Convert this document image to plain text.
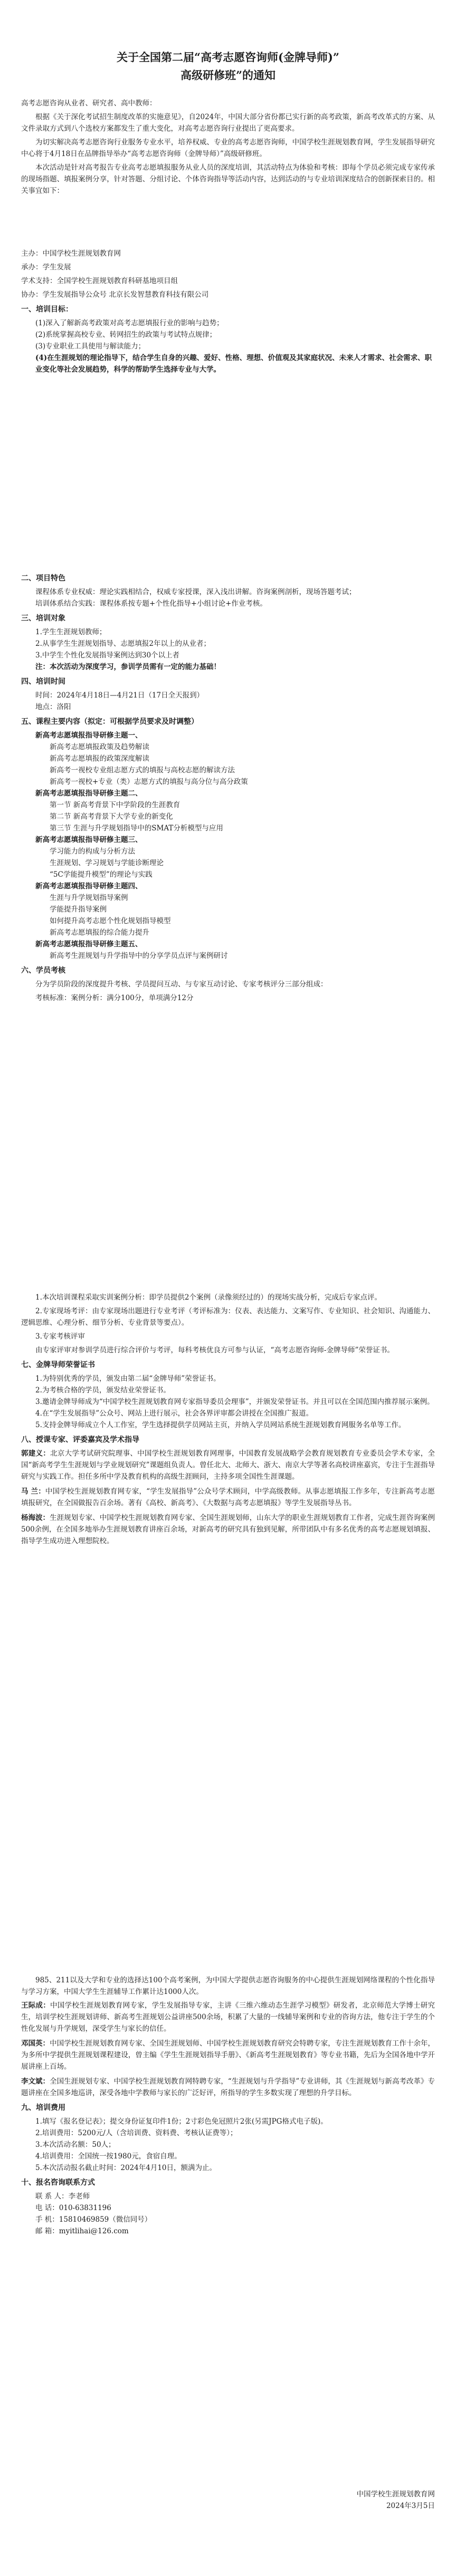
关于全国第二届“高考志愿咨询师(金牌导师)”

高级研修班”的通知

高考志愿咨询从业者、研究者、高中教师：

根据《关于深化考试招生制度改革的实施意见》，自2024年，中国大部分省份都已实行新的高考政策，新高考改革式的方案、从文件录取方式到八个选校方案都发生了重大变化，对高考志愿咨询行业提出了更高要求。

为切实解决高考志愿咨询行业服务专业水平，培养权威、专业的高考志愿咨询师，中国学校生涯规划教育网，学生发展指导研究中心将于4月18日在品牌指导举办“高考志愿咨询师（金牌导师）”高级研修班。

本次活动是针对高考报告专业高考志愿填报服务从业人员的深度培训，其活动特点为体验和考核：即每个学员必须完成专家传承的现场指题、填报案例分享，针对答题、分组讨论、个体咨询指导等活动内容，达到活动的与专业培训深度结合的创新探索目的。相关事宜如下：

主办：中国学校生涯规划教育网

承办：学生发展

学术支持：全国学校生涯规划教育科研基地项目组

协办：学生发展指导公众号 北京长发智慧教育科技有限公司

一、培训目标：

(1)深入了解新高考政策对高考志愿填报行业的影响与趋势；

(2)系统掌握高校专业、转网招生的政策与考试特点规律；

(3)专业职业工具使用与解读能力；

(4)在生涯规划的理论指导下，结合学生自身的兴趣、爱好、性格、理想、价值观及其家庭状况、未来人才需求、社会需求、职业变化等社会发展趋势，科学的帮助学生选择专业与大学。

二、项目特色

课程体系专业权威：理论实践相结合，权威专家授课，深入浅出讲解。咨询案例剖析，现场答题考试；

培训体系结合实践：课程体系按专题+个性化指导+小组讨论+作业考核。

三、培训对象

1.学生生涯规划教师；

2.从事学生生涯规划指导、志愿填报2年以上的从业者；

3.中学生个性化发展指导案例达到30个以上者

注：本次活动为深度学习，参训学员需有一定的能力基础！

四、培训时间

时间：2024年4月18日—4月21日（17日全天报到）

地点：洛阳

五、课程主要内容（拟定：可根据学员要求及时调整）

新高考志愿填报指导研修主题一、

新高考志愿填报政策及趋势解读

新高考志愿填报的政策深度解读

新高考一视校专业组志愿方式的填报与高校志愿的解读方法

新高考一视校+专业（类）志愿方式的填报与高分位与高分政策

新高考志愿填报指导研修主题二、

第一节 新高考背景下中学阶段的生涯教育

第二节 新高考背景下大学专业的新变化

第三节 生涯与升学规划指导中的SMAT分析模型与应用

新高考志愿填报指导研修主题三、

学习能力的构成与分析方法

生涯规划、学习规划与学能诊断理论

“5C学能提升模型”的理论与实践

新高考志愿填报指导研修主题四、

生涯与升学规划指导案例

学能提升指导案例

如何提升高考志愿个性化规划指导模型

新高考志愿填报的综合能力提升

新高考志愿填报指导研修主题五、

新高考生涯规划与升学指导中的分享学员点评与案例研讨

六、学员考核

分为学员阶段的深度提升考核、学员提问互动、与专家互动讨论、专家考核评分三部分组成：

考核标准：案例分析：满分100分，单项满分12分

1.本次培训课程采取实训案例分析：即学员提供2个案例（录像须经过的）的现场实战分析，完成后专家点评。

2.专家现场考评：由专家现场出题进行专业考评（考评标准为：仪表、表达能力、文案写作、专业知识、社会知识、沟通能力、逻辑思维、心理分析、细节分析、专业背景等要点）。

3.专家考核评审

由专家评审对参训学员进行综合评价与考评，每科考核优良方可参与认证，“高考志愿咨询师-金牌导师”荣誉证书。

七、金牌导师荣誉证书

1.为特别优秀的学员，颁发由第二届“金牌导师”荣誉证书。

2.为考核合格的学员，颁发结业荣誉证书。

3.邀请金牌导师成为“中国学校生涯规划教育网专家指导委员会理事”，并颁发荣誉证书。并且可以在全国范围内推荐展示案例。

4.在“学生发展指导”公众号、网站上进行展示，社会各界评审都会讲授在全国推广报道。

5.支持金牌导师成立个人工作室，学生选择提供学员网站主页，并纳入学员网站系统生涯规划教育网服务名单等工作。

八、授课专家、评委嘉宾及学术指导

郭建义：北京大学考试研究院理事、中国学校生涯规划教育网理事，中国教育发展战略学会教育规划教育专业委员会学术专家，全国“新高考学生生涯规划与学业规划研究”课题组负责人。曾任北大、北师大、浙大、南京大学等著名高校讲座嘉宾，专注于生涯指导研究与实践工作。担任多所中学及教育机构的高级生涯顾问，主持多项全国性生涯课题。

马 兰：中国学校生涯规划教育网专家，“学生发展指导”公众号学术顾问，中学高级教师。从事志愿填报工作多年，专注新高考志愿填报研究，在全国做报告百余场。著有《高校、新高考》、《大数据与高考志愿填报》等学生发展指导丛书。

杨海波：生涯规划专家、中国学校生涯规划教育网专家、全国生涯规划师，山东大学的职业生涯规划教育工作者，完成生涯咨询案例500余例，在全国多地举办生涯规划教育讲座百余场，对新高考的研究具有独到见解，所带团队中有多名优秀的高考志愿规划填报、指导学生成功进入理想院校。

985、211以及大学和专业的选择达100个高考案例，为中国大学提供志愿咨询服务的中心提供生涯规划网络课程的个性化指导与学习方案，中国大学生生涯辅导工作累计达1000人次。

王际成：中国学校生涯规划教育网专家，学生发展指导专家，主讲《三维六维动态生涯学习模型》研发者，北京师范大学博士研究生，培训学校生涯规划讲师、新高考生涯规划公益讲座500余场，积累了大量的一线辅导案例和专业的咨询方法，他专注于学生的个性化发展与升学规划，深受学生与家长的信任。

邓国英：中国学校生涯规划教育网专家、全国生涯规划师、中国学校生涯规划教育研究会特聘专家，专注生涯规划教育工作十余年，为多所中学提供生涯规划课程建设，曾主编《学生生涯规划指导手册》、《新高考生涯规划教育》等专业书籍，先后为全国各地中学开展讲座上百场。

李文斌：全国生涯规划专家、中国学校生涯规划教育网特聘专家，“生涯规划与升学指导”专业讲师，其《生涯规划与新高考改革》专题讲座在全国多地巡讲，深受各地中学教师与家长的广泛好评，所指导的学生多数实现了理想的升学目标。

九、培训费用

1.填写《报名登记表》；提交身份证复印件1份；2寸彩色免冠照片2张(另需JPG格式电子版)。

2.培训费用：5200元/人（含培训费、资料费、考核认证费等）；

3.本次活动名额：50人；

4.培训费用：全国统一按1980元，食宿自理。

5.本次活动报名截止时间：2024年4月10日，额满为止。

十、报名咨询联系方式

联 系 人：李老师

电 话：010-63831196

手 机：15810469859（微信同号）

邮 箱：myitlihai@126.com

中国学校生涯规划教育网

2024年3月5日
